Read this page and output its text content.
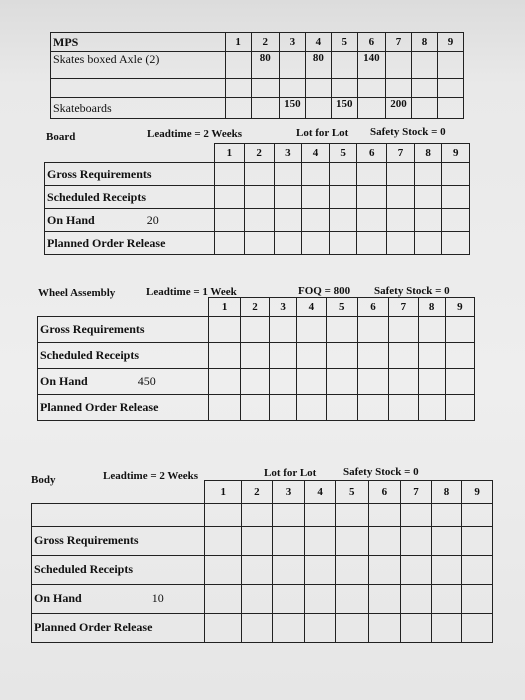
MPS	1	2	3	4	5	6	7	8	9
Skates boxed Axle (2)		80		80		140			

Skateboards			150		150		200		
Board	Leadtime = 2 Weeks	Lot for Lot Safety Stock = 0
	1	2	3	4	5	6	7	8	9
Gross Requirements									
Scheduled Receipts									
On Hand 20									
Planned Order Release									
Wheel Assembly	Leadtime = 1 Week	FOQ = 800 Safety Stock = 0
	1	2	3	4	5	6	7	8	9
Gross Requirements									
Scheduled Receipts									
On Hand 450									
Planned Order Release									
Body	Leadtime = 2 Weeks	Lot for Lot Safety Stock = 0
	1	2	3	4	5	6	7	8	9

Gross Requirements									
Scheduled Receipts									
On Hand 10									
Planned Order Release									
